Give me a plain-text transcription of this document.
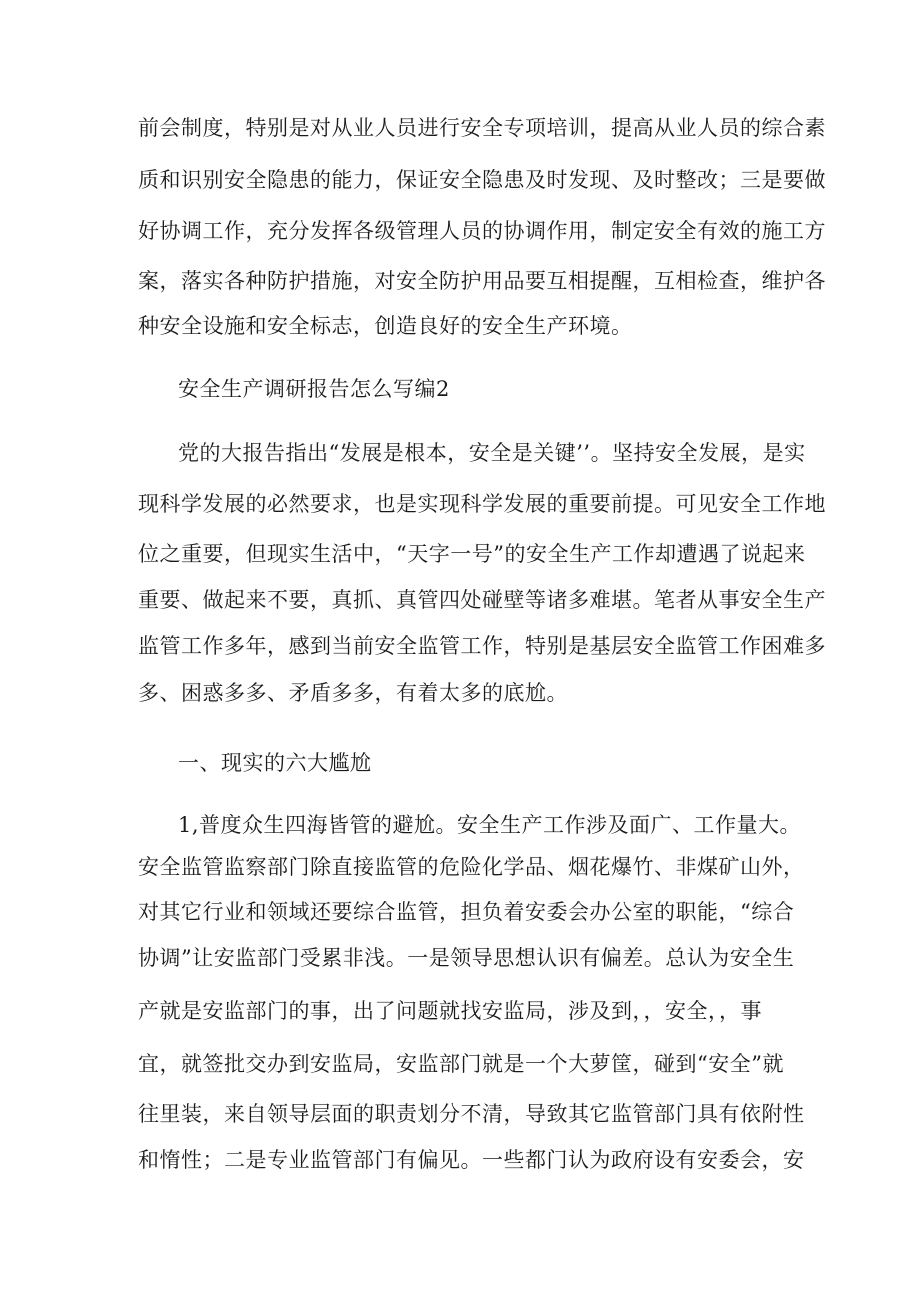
前会制度，特别是对从业人员进行安全专项培训，提高从业人员的综合素
质和识别安全隐患的能力，保证安全隐患及时发现、及时整改；三是要做
好协调工作，充分发挥各级管理人员的协调作用，制定安全有效的施工方
案，落实各种防护措施，对安全防护用品要互相提醒，互相检查，维护各
种安全设施和安全标志，创造良好的安全生产环境。
安全生产调研报告怎么写编2
党的大报告指出“发展是根本，安全是关键’’。坚持安全发展，是实
现科学发展的必然要求，也是实现科学发展的重要前提。可见安全工作地
位之重要，但现实生活中，“天字一号”的安全生产工作却遭遇了说起来
重要、做起来不要，真抓、真管四处碰壁等诸多难堪。笔者从事安全生产
监管工作多年，感到当前安全监管工作，特别是基层安全监管工作困难多
多、困惑多多、矛盾多多，有着太多的底尬。
一、现实的六大尴尬
1,普度众生四海皆管的避尬。安全生产工作涉及面广、工作量大。
安全监管监察部门除直接监管的危险化学品、烟花爆竹、非煤矿山外，
对其它行业和领域还要综合监管，担负着安委会办公室的职能，“综合
协调”让安监部门受累非浅。一是领导思想认识有偏差。总认为安全生
产就是安监部门的事，出了问题就找安监局，涉及到，，安全，，事
宜，就签批交办到安监局，安监部门就是一个大萝筐，碰到“安全”就
往里装，来自领导层面的职责划分不清，导致其它监管部门具有依附性
和惰性；二是专业监管部门有偏见。一些都门认为政府设有安委会，安
